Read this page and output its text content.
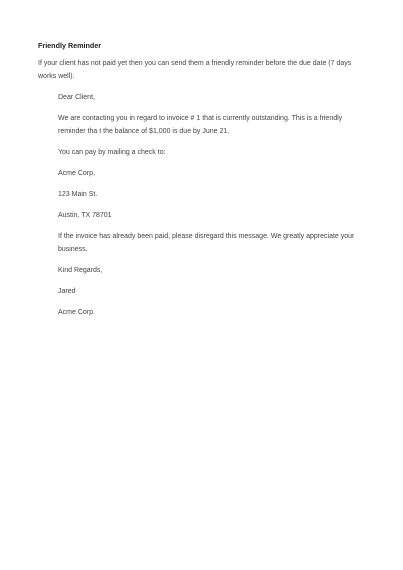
Friendly Reminder
If your client has not paid yet then you can send them a friendly reminder before the due date (7 days works well).

Dear Client,

We are contacting you in regard to invoice # 1 that is currently outstanding. This is a friendly

reminder tha t the balance of $1,000 is due by June 21.

You can pay by mailing a check to:

Acme Corp,

123 Main St.

Austin, TX 78701

If the invoice has already been paid, please disregard this message. We greatly appreciate your

business.

Kind Regards,

Jared

Acme Corp.
